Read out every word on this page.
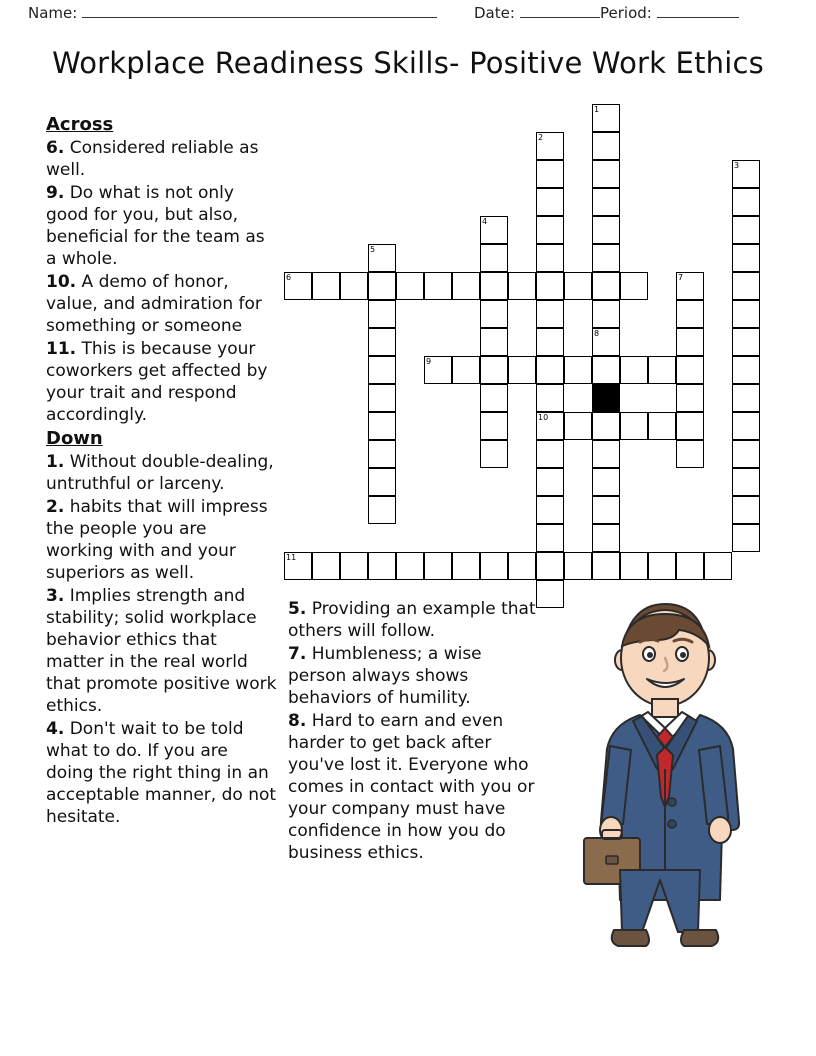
Name:	Date:	Period:
Workplace Readiness Skills- Positive Work Ethics
Across
6. Considered reliable as well.
9. Do what is not only good for you, but also, beneficial for the team as a whole.
10. A demo of honor, value, and admiration for something or someone
11. This is because your coworkers get affected by your trait and respond accordingly.
Down
1. Without double-dealing, untruthful or larceny.
2. habits that will impress the people you are working with and your superiors as well.
3. Implies strength and stability; solid workplace behavior ethics that matter in the real world that promote positive work ethics.
4. Don't wait to be told what to do. If you are doing the right thing in an acceptable manner, do not hesitate.
5. Providing an example that others will follow.
7. Humbleness; a wise person always shows behaviors of humility.
8. Hard to earn and even harder to get back after you've lost it. Everyone who comes in contact with you or your company must have confidence in how you do business ethics.
1
2
3
4
5
6	7
8
9
10
11
